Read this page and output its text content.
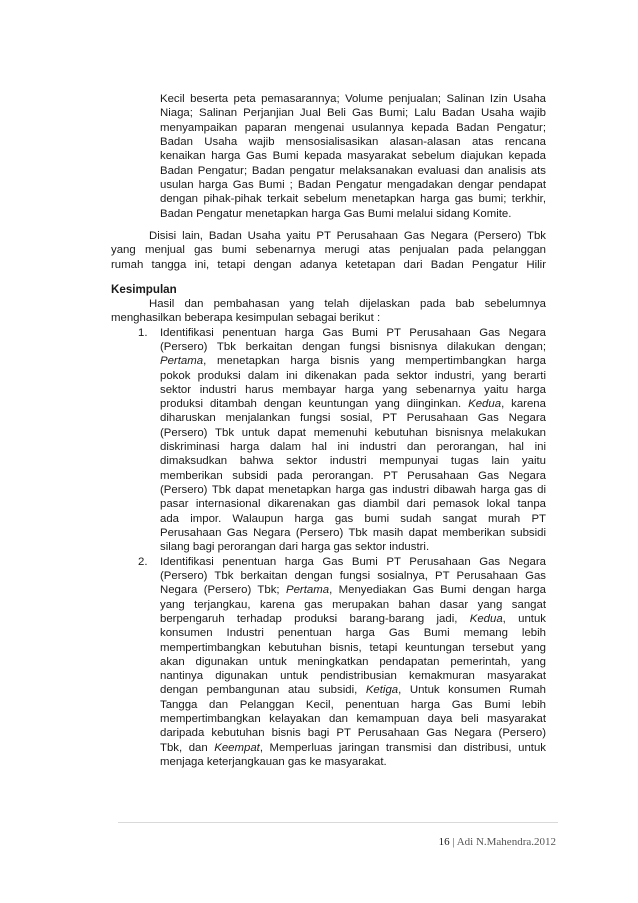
Kecil beserta peta pemasarannya; Volume penjualan; Salinan Izin Usaha
Niaga; Salinan Perjanjian Jual Beli Gas Bumi; Lalu Badan Usaha wajib
menyampaikan paparan mengenai usulannya kepada Badan Pengatur;
Badan Usaha wajib mensosialisasikan alasan-alasan atas rencana
kenaikan harga Gas Bumi kepada masyarakat sebelum diajukan kepada
Badan Pengatur; Badan pengatur melaksanakan evaluasi dan analisis ats
usulan harga Gas Bumi ; Badan Pengatur mengadakan dengar pendapat
dengan pihak-pihak terkait sebelum menetapkan harga gas bumi; terkhir,
Badan Pengatur menetapkan harga Gas Bumi melalui sidang Komite.
Disisi lain, Badan Usaha yaitu PT Perusahaan Gas Negara (Persero) Tbk
yang menjual gas bumi sebenarnya merugi atas penjualan pada pelanggan
rumah tangga ini, tetapi dengan adanya ketetapan dari Badan Pengatur Hilir
Kesimpulan
Hasil dan pembahasan yang telah dijelaskan pada bab sebelumnya
menghasilkan beberapa kesimpulan sebagai berikut :
1. Identifikasi penentuan harga Gas Bumi PT Perusahaan Gas Negara
(Persero) Tbk berkaitan dengan fungsi bisnisnya dilakukan dengan;
Pertama, menetapkan harga bisnis yang mempertimbangkan harga
pokok produksi dalam ini dikenakan pada sektor industri, yang berarti
sektor industri harus membayar harga yang sebenarnya yaitu harga
produksi ditambah dengan keuntungan yang diinginkan. Kedua, karena
diharuskan menjalankan fungsi sosial, PT Perusahaan Gas Negara
(Persero) Tbk untuk dapat memenuhi kebutuhan bisnisnya melakukan
diskriminasi harga dalam hal ini industri dan perorangan, hal ini
dimaksudkan bahwa sektor industri mempunyai tugas lain yaitu
memberikan subsidi pada perorangan. PT Perusahaan Gas Negara
(Persero) Tbk dapat menetapkan harga gas industri dibawah harga gas di
pasar internasional dikarenakan gas diambil dari pemasok lokal tanpa
ada impor. Walaupun harga gas bumi sudah sangat murah PT
Perusahaan Gas Negara (Persero) Tbk masih dapat memberikan subsidi
silang bagi perorangan dari harga gas sektor industri.
2. Identifikasi penentuan harga Gas Bumi PT Perusahaan Gas Negara
(Persero) Tbk berkaitan dengan fungsi sosialnya, PT Perusahaan Gas
Negara (Persero) Tbk; Pertama, Menyediakan Gas Bumi dengan harga
yang terjangkau, karena gas merupakan bahan dasar yang sangat
berpengaruh terhadap produksi barang-barang jadi, Kedua, untuk
konsumen Industri penentuan harga Gas Bumi memang lebih
mempertimbangkan kebutuhan bisnis, tetapi keuntungan tersebut yang
akan digunakan untuk meningkatkan pendapatan pemerintah, yang
nantinya digunakan untuk pendistribusian kemakmuran masyarakat
dengan pembangunan atau subsidi, Ketiga, Untuk konsumen Rumah
Tangga dan Pelanggan Kecil, penentuan harga Gas Bumi lebih
mempertimbangkan kelayakan dan kemampuan daya beli masyarakat
daripada kebutuhan bisnis bagi PT Perusahaan Gas Negara (Persero)
Tbk, dan Keempat, Memperluas jaringan transmisi dan distribusi, untuk
menjaga keterjangkauan gas ke masyarakat.
16 | Adi N.Mahendra.2012
